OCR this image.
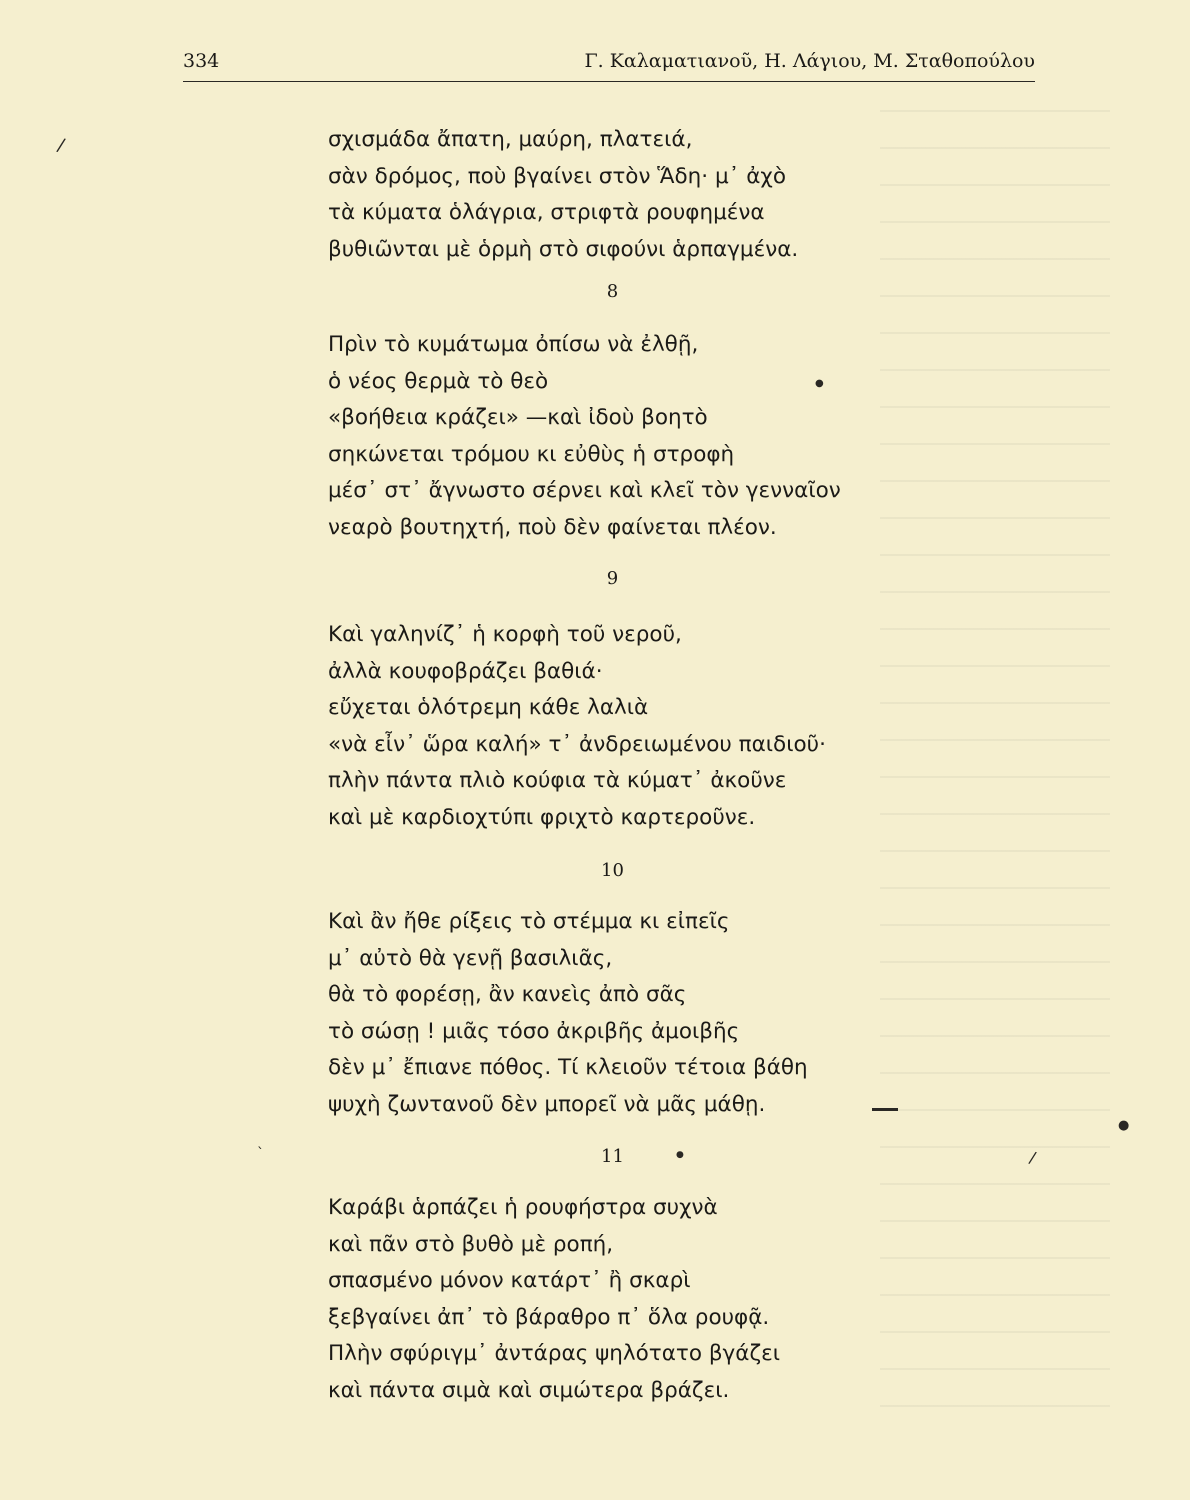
334	Γ. Καλαματιανοῦ, Η. Λάγιου, Μ. Σταθοπούλου
σχισμάδα ἄπατη, μαύρη, πλατειά,
σὰν δρόμος, ποὺ βγαίνει στὸν Ἅδη· μ᾽ ἀχὸ
τὰ κύματα ὁλάγρια, στριφτὰ ρουφημένα
βυθιῶνται μὲ ὁρμὴ στὸ σιφούνι ἁρπαγμένα.
8
Πρὶν τὸ κυμάτωμα ὀπίσω νὰ ἐλθῇ,
ὁ νέος θερμὰ τὸ θεὸ
«βοήθεια κράζει» —καὶ ἰδοὺ βοητὸ
σηκώνεται τρόμου κι εὐθὺς ἡ στροφὴ
μέσ᾽ στ᾽ ἄγνωστο σέρνει καὶ κλεῖ τὸν γενναῖον
νεαρὸ βουτηχτή, ποὺ δὲν φαίνεται πλέον.
9
Καὶ γαληνίζ᾽ ἡ κορφὴ τοῦ νεροῦ,
ἀλλὰ κουφοβράζει βαθιά·
εὔχεται ὁλότρεμη κάθε λαλιὰ
«νὰ εἶν᾽ ὥρα καλή» τ᾽ ἀνδρειωμένου παιδιοῦ·
πλὴν πάντα πλιὸ κούφια τὰ κύματ᾽ ἀκοῦνε
καὶ μὲ καρδιοχτύπι φριχτὸ καρτεροῦνε.
10
Καὶ ἂν ἤθε ρίξεις τὸ στέμμα κι εἰπεῖς
μ᾽ αὐτὸ θὰ γενῇ βασιλιᾶς,
θὰ τὸ φορέσῃ, ἂν κανεὶς ἀπὸ σᾶς
τὸ σώσῃ ! μιᾶς τόσο ἀκριβῆς ἀμοιβῆς
δὲν μ᾽ ἔπιανε πόθος. Τί κλειοῦν τέτοια βάθη
ψυχὴ ζωντανοῦ δὲν μπορεῖ νὰ μᾶς μάθῃ.
11
Καράβι ἁρπάζει ἡ ρουφήστρα συχνὰ
καὶ πᾶν στὸ βυθὸ μὲ ροπή,
σπασμένο μόνον κατάρτ᾽ ἢ σκαρὶ
ξεβγαίνει ἀπ᾽ τὸ βάραθρο π᾽ ὅλα ρουφᾷ.
Πλὴν σφύριγμ᾽ ἀντάρας ψηλότατο βγάζει
καὶ πάντα σιμὰ καὶ σιμώτερα βράζει.
/
●
●
/
`	●
